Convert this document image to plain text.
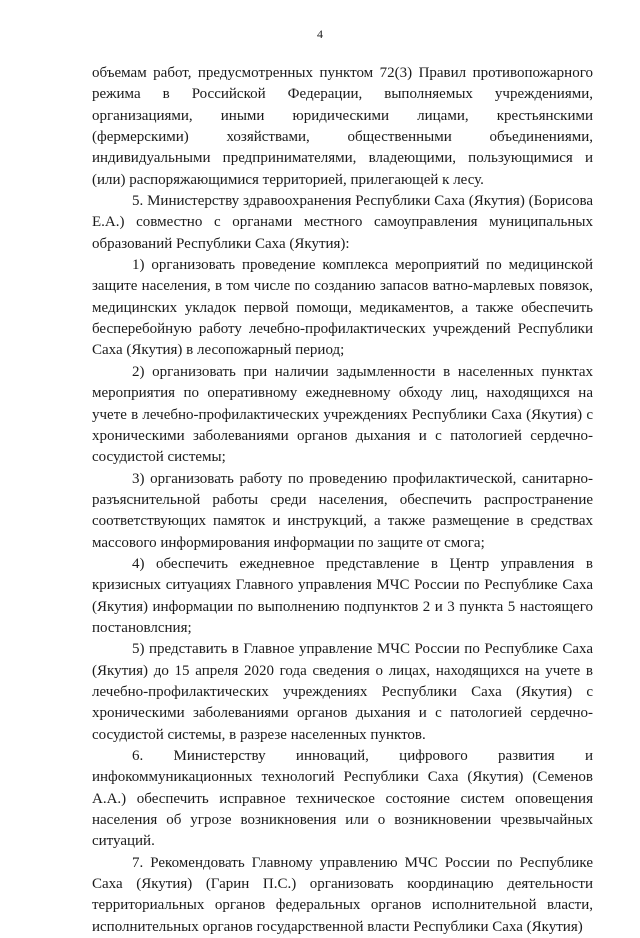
4

объемам работ, предусмотренных пунктом 72(3) Правил противопожарного режима в Российской Федерации, выполняемых учреждениями, организациями, иными юридическими лицами, крестьянскими (фермерскими) хозяйствами, общественными объединениями, индивидуальными предпринимателями, владеющими, пользующимися и (или) распоряжающимися территорией, прилегающей к лесу.

5. Министерству здравоохранения Республики Саха (Якутия) (Борисова Е.А.) совместно с органами местного самоуправления муниципальных образований Республики Саха (Якутия):

1) организовать проведение комплекса мероприятий по медицинской защите населения, в том числе по созданию запасов ватно-марлевых повязок, медицинских укладок первой помощи, медикаментов, а также обеспечить бесперебойную работу лечебно-профилактических учреждений Республики Саха (Якутия) в лесопожарный период;

2) организовать при наличии задымленности в населенных пунктах мероприятия по оперативному ежедневному обходу лиц, находящихся на учете в лечебно-профилактических учреждениях Республики Саха (Якутия) с хроническими заболеваниями органов дыхания и с патологией сердечно-сосудистой системы;

3) организовать работу по проведению профилактической, санитарно-разъяснительной работы среди населения, обеспечить распространение соответствующих памяток и инструкций, а также размещение в средствах массового информирования информации по защите от смога;

4) обеспечить ежедневное представление в Центр управления в кризисных ситуациях Главного управления МЧС России по Республике Саха (Якутия) информации по выполнению подпунктов 2 и 3 пункта 5 настоящего постановлсния;

5) представить в Главное управление МЧС России по Республике Саха (Якутия) до 15 апреля 2020 года сведения о лицах, находящихся на учете в лечебно-профилактических учреждениях Республики Саха (Якутия) с хроническими заболеваниями органов дыхания и с патологией сердечно-сосудистой системы, в разрезе населенных пунктов.

6. Министерству инноваций, цифрового развития и инфокоммуникационных технологий Республики Саха (Якутия) (Семенов А.А.) обеспечить исправное техническое состояние систем оповещения населения об угрозе возникновения или о возникновении чрезвычайных ситуаций.

7. Рекомендовать Главному управлению МЧС России по Республике Саха (Якутия) (Гарин П.С.) организовать координацию деятельности территориальных органов федеральных органов исполнительной власти, исполнительных органов государственной власти Республики Саха (Якутия)
